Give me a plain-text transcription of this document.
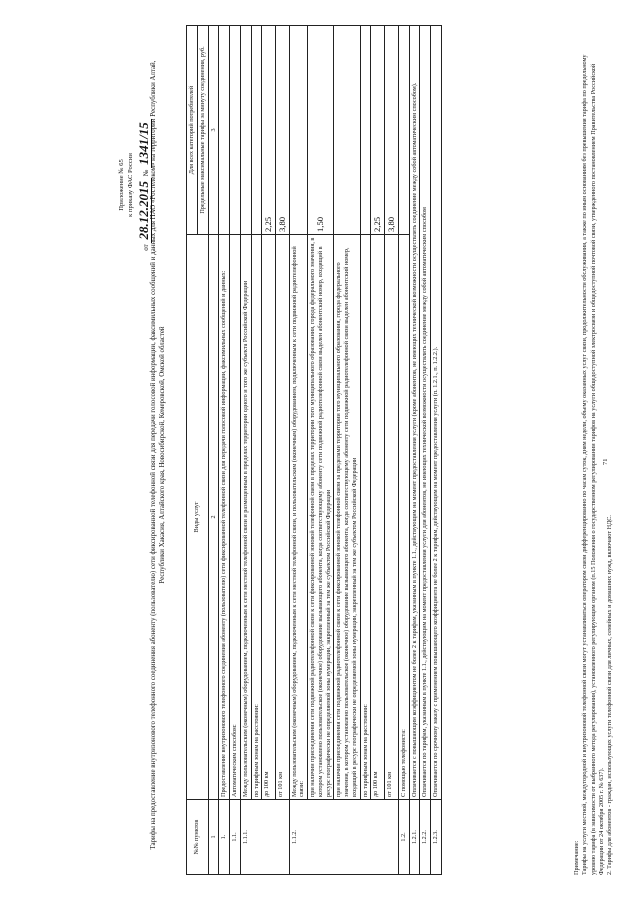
Приложение № 65 к приказу ФАС России
от 28.12.2015 № 1341/15 Тарифы на предоставление внутризонового телефонного соединения абоненту (пользователю) сети фиксированной телефонной связи для передачи голосовой информации, факсимильных сообщений и данных для ПАО «Ростелеком» на территории Республики Алтай, Республики Хакасия, Алтайского края, Новосибирской, Кемеровской, Омской областей
№№ пунктов	Виды услуг	Для всех категорий потребителей
		Предельные максимальные тарифы за минуту соединения, руб.
1	2	3
1.	Предоставление внутризонового телефонного соединения абоненту (пользователю) сети фиксированной телефонной связи для передачи голосовой информации, факсимильных сообщений и данных:	
1.1.	Автоматическим способом:	
1.1.1.	Между пользовательским (оконечным) оборудованием, подключенным к сети местной телефонной связи и размещенным в пределах территории одного и того же субъекта Российской Федерации	
	по тарифным зонам на расстоянии:	
	до 100 км	2,25
	от 101 км	3,80
1.1.2.	Между пользовательским (оконечным) оборудованием, подключенным к сети местной телефонной связи, и пользовательским (оконечным) оборудованием, подключенным к сети подвижной радиотелефонной связи:	
	при наличии присоединения сети подвижной радиотелефонной связи к сети фиксированной зоновой телефонной связи в пределах территории того муниципального образования, города федерального значения, в котором установлено пользовательское (оконечное) оборудование вызывающего абонента, когда соответствующему абоненту сети подвижной радиотелефонной связи выделен абонентский номер, входящий в ресурс географически не определяемой зоны нумерации, закрепленный за тем же субъектом Российской Федерации	1,50
	при наличии присоединения сети подвижной радиотелефонной связи к сети фиксированной зоновой телефонной связи за пределами территории того муниципального образования, города федерального значения, в котором установлено пользовательское (оконечное) оборудование вызывающего абонента, когда соответствующему абоненту сети подвижной радиотелефонной связи выделен абонентский номер, входящий в ресурс географически не определяемой зоны нумерации, закрепленный за тем же субъектом Российской Федерации	
	по тарифным зонам на расстоянии:	
	до 100 км	2,25
	от 101 км	3,80
1.2.	С помощью телефониста:	
1.2.1.	Оплачивается с повышающим коэффициентом не более 2 к тарифам, указанным в пункте 1.1., действующим на момент предоставления услуги (кроме абонентов, не имеющих технической возможности осуществлять соединение между собой автоматическим способом).	
1.2.2.	Оплачивается по тарифам, указанным в пункте 1.1., действующим на момент предоставления услуги для абонентов, не имеющих технической возможности осуществлять соединение между собой автоматическим способом	
1.2.3.	Оплачивается по срочному заказу с применением повышающего коэффициента не более 2 к тарифам, действующим на момент предоставления услуги (п. 1.2.1., п. 1.2.2.).	
Примечание: Тарифы на услуги местной, междугородной и внутризоновой телефонной связи могут устанавливаться оператором связи дифференцированно по часам суток, дням недели, объему оказанных услуг связи, продолжительности обслуживания, а также по иным основаниям без превышения тарифа по предельному уровню тарифа (в зависимости от выбранного метода регулирования), установленного регулирующим органом (п.15 Положения о государственном регулировании тарифов на услуги общедоступной электросвязи и общедоступной почтовой связи, утвержденного постановлением Правительства Российской Федерации от 24 октября 2005 г. № 637). 2. Тарифы для абонентов - граждан, использующих услуги телефонной связи для личных, семейных и домашних нужд, включают НДС.
71
